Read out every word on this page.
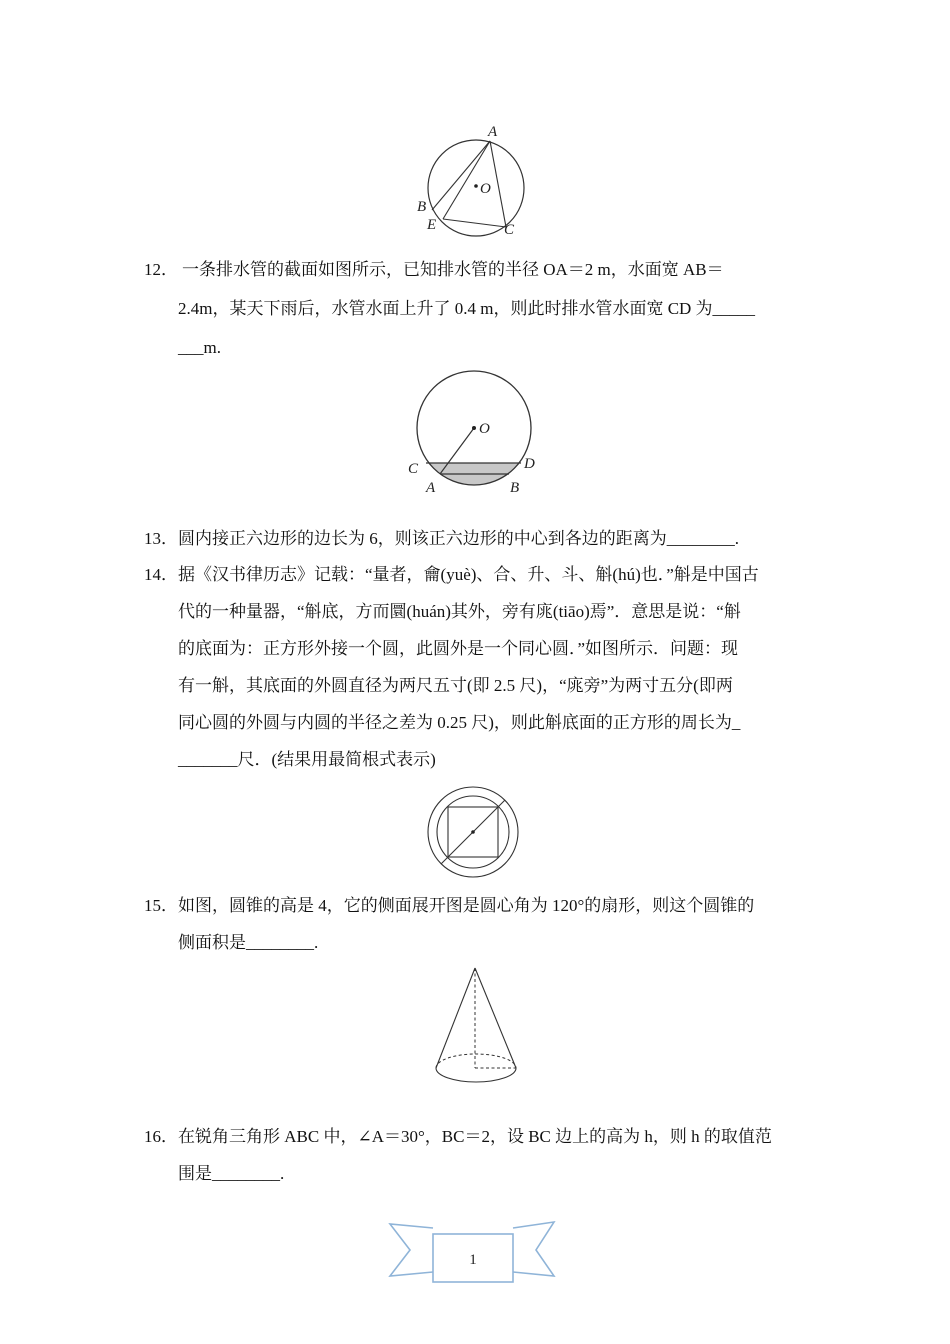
A
O
B
E	C
12． 一条排水管的截面如图所示，已知排水管的半径 OA＝2 m，水面宽 AB＝
2.4m，某天下雨后，水管水面上升了 0.4 m，则此时排水管水面宽 CD 为_____
___m.
O
C	D
A	B
13． 圆内接正六边形的边长为 6，则该正六边形的中心到各边的距离为________.
14． 据《汉书律历志》记载：“量者，龠(yuè)、合、升、斗、斛(hú)也．”斛是中国古
代的一种量器，“斛底，方而圜(huán)其外，旁有庣(tiāo)焉”．意思是说：“斛
的底面为：正方形外接一个圆，此圆外是一个同心圆．”如图所示．问题：现
有一斛，其底面的外圆直径为两尺五寸(即 2.5 尺)，“庣旁”为两寸五分(即两
同心圆的外圆与内圆的半径之差为 0.25 尺)，则此斛底面的正方形的周长为_
_______尺．(结果用最简根式表示)
15． 如图，圆锥的高是 4，它的侧面展开图是圆心角为 120°的扇形，则这个圆锥的
侧面积是________.
16． 在锐角三角形 ABC 中，∠A＝30°，BC＝2，设 BC 边上的高为 h，则 h 的取值范
围是________.
1
